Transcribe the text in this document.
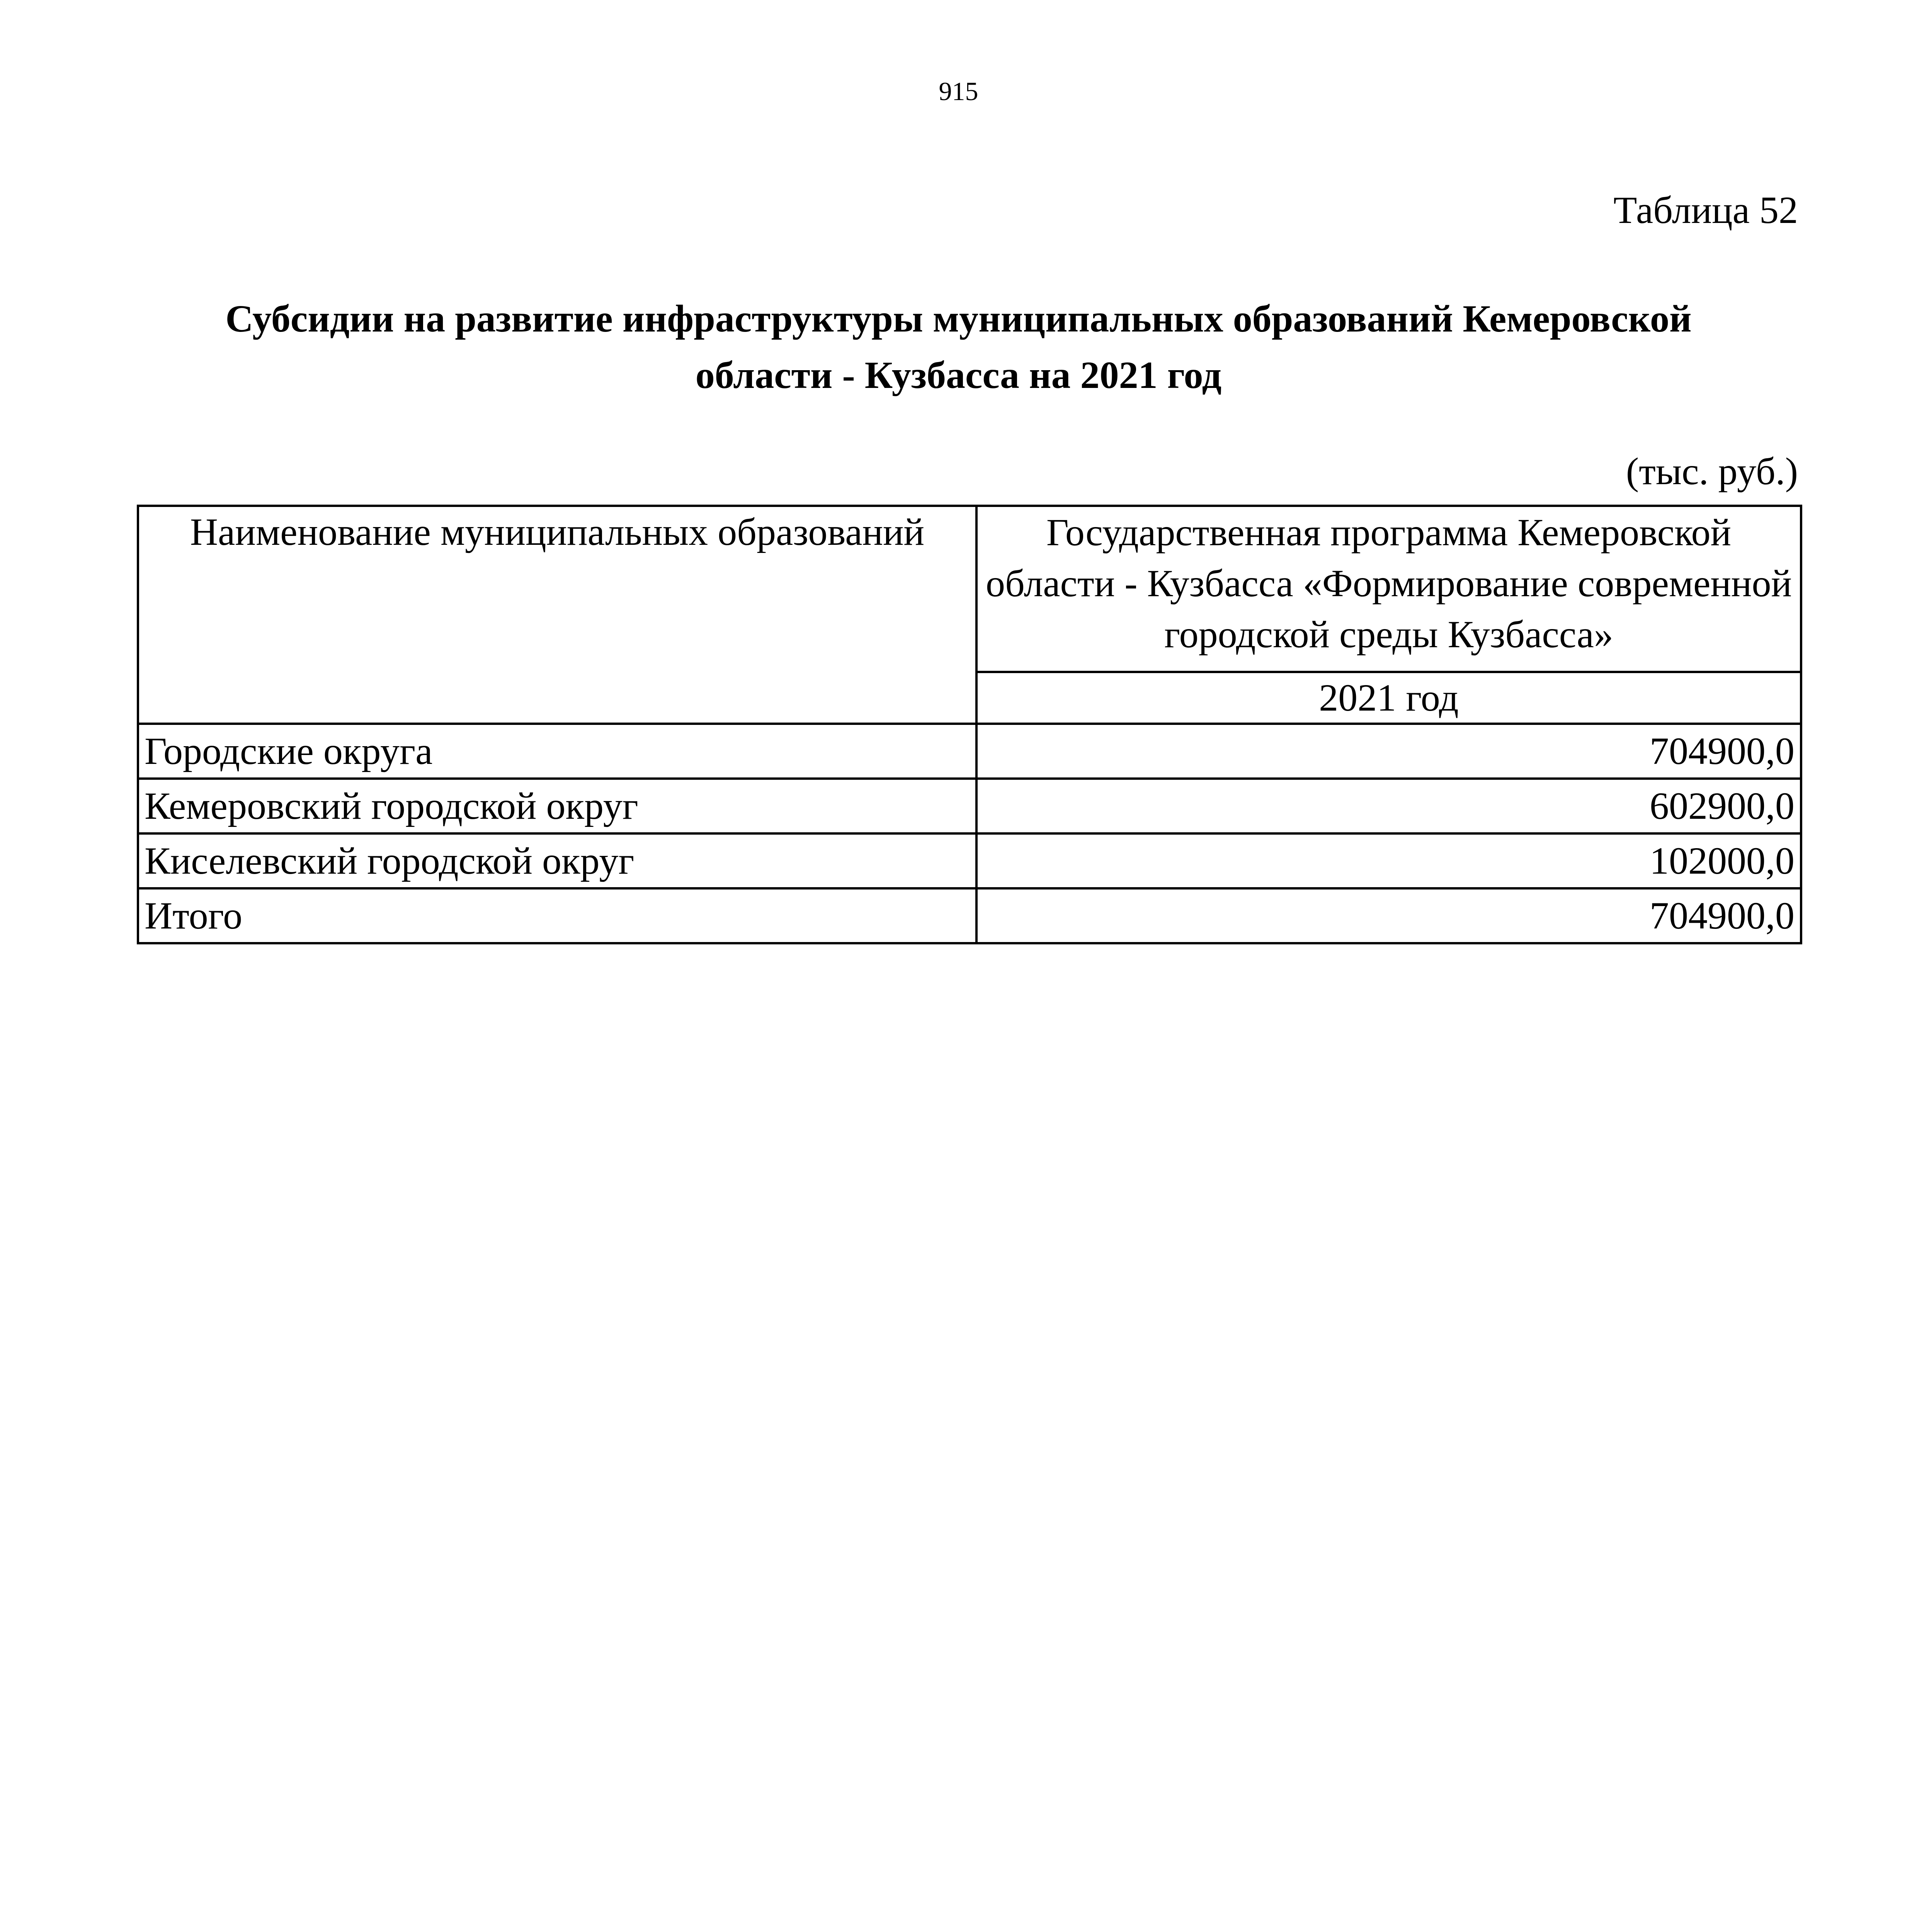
915
Таблица 52
Субсидии на развитие инфраструктуры муниципальных образований Кемеровской
области - Кузбасса на 2021 год
(тыс. руб.)
Наименование муниципальных образований	Государственная программа Кемеровской области - Кузбасса «Формирование современной городской среды Кузбасса»
	2021 год
Городские округа	704900,0
Кемеровский городской округ	602900,0
Киселевский городской округ	102000,0
Итого	704900,0
